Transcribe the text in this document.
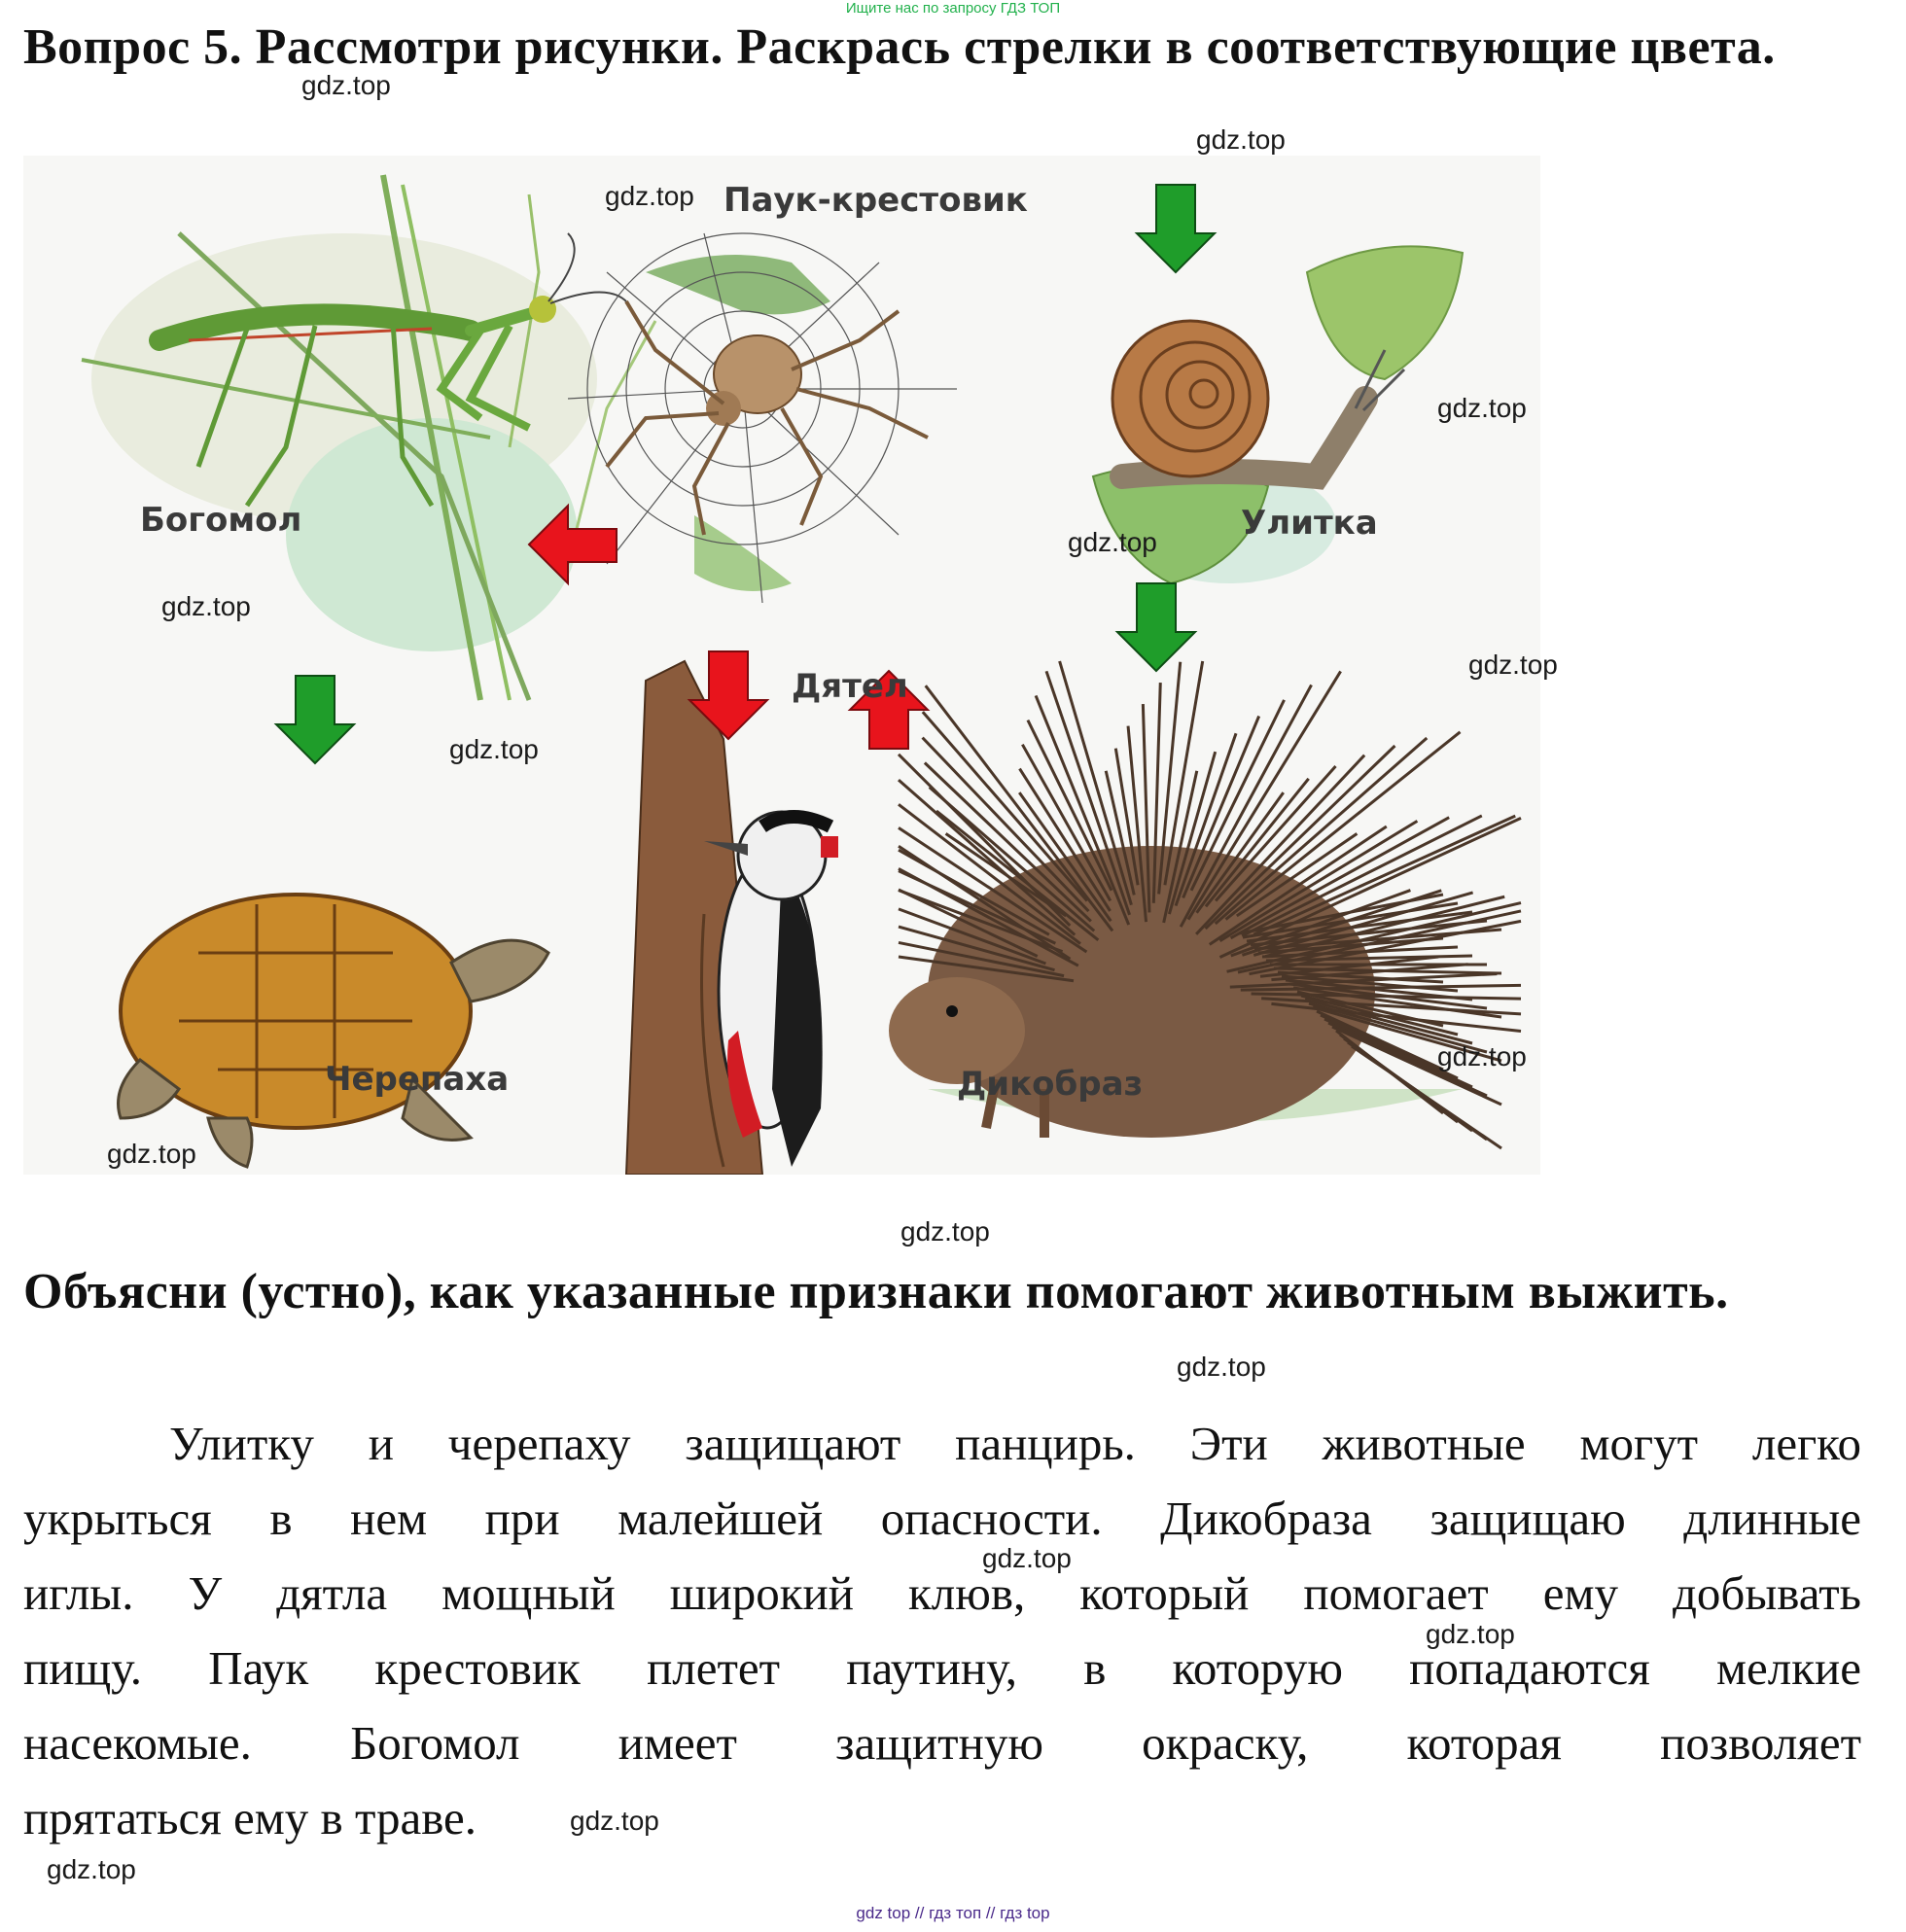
Ищите нас по запросу ГДЗ ТОП
Вопрос 5. Рассмотри рисунки. Раскрась стрелки в соответствующие цвета.
Богомол
Паук-крестовик
Улитка
Черепаха
Дятел
Дикобраз
Объясни (устно), как указанные признаки помогают животным выжить.
Улитку и черепаху защищают панцирь. Эти животные могут легко
укрыться в нем при малейшей опасности. Дикобраза защищаю длинные
иглы. У дятла мощный широкий клюв, который помогает ему добывать
пищу. Паук крестовик плетет паутину, в которую попадаются мелкие
насекомые. Богомол имеет защитную окраску, которая позволяет
прятаться ему в траве.
gdz.top
gdz.top
gdz.top
gdz.top
gdz.top
gdz.top
gdz.top
gdz.top
gdz.top
gdz.top
gdz.top
gdz.top
gdz.top
gdz.top
gdz.top
gdz.top
gdz top // гдз топ // гдз top
